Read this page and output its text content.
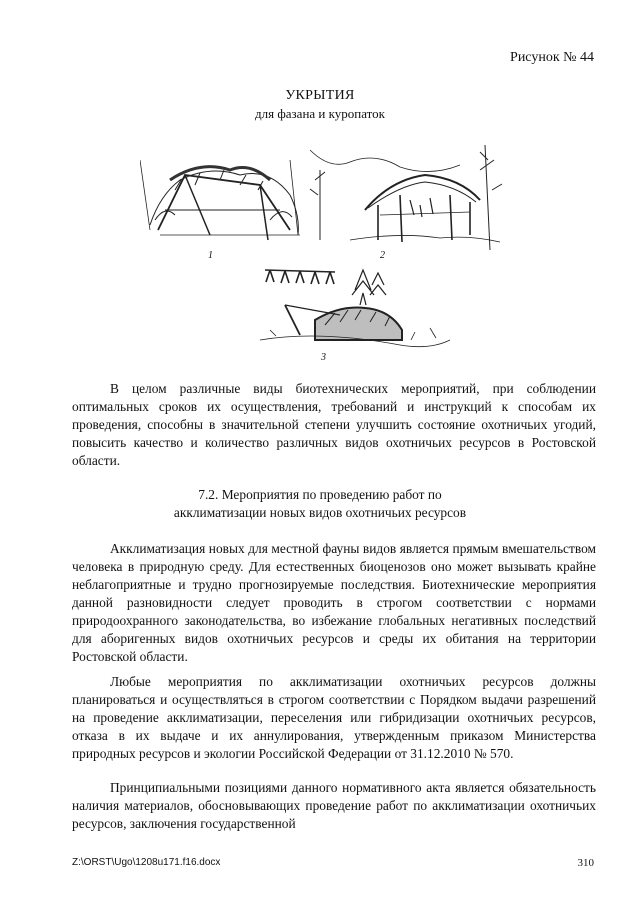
Рисунок № 44
УКРЫТИЯ
для фазана и куропаток
1	2
3
В целом различные виды биотехнических мероприятий, при соблюдении оптимальных сроков их осуществления, требований и инструкций к способам их проведения, способны в значительной степени улучшить состояние охотничьих угодий, повысить качество и количество различных видов охотничьих ресурсов в Ростовской области.
7.2. Мероприятия по проведению работ по
акклиматизации новых видов охотничьих ресурсов
Акклиматизация новых для местной фауны видов является прямым вмешательством человека в природную среду. Для естественных биоценозов оно может вызывать крайне неблагоприятные и трудно прогнозируемые последствия. Биотехнические мероприятия данной разновидности следует проводить в строгом соответствии с нормами природоохранного законодательства, во избежание глобальных негативных последствий для аборигенных видов охотничьих ресурсов и среды их обитания на территории Ростовской области.
Любые мероприятия по акклиматизации охотничьих ресурсов должны планироваться и осуществляться в строгом соответствии с Порядком выдачи разрешений на проведение акклиматизации, переселения или гибридизации охотничьих ресурсов, отказа в их выдаче и их аннулирования, утвержденным приказом Министерства природных ресурсов и экологии Российской Федерации от 31.12.2010 № 570.
Принципиальными позициями данного нормативного акта является обязательность наличия материалов, обосновывающих проведение работ по акклиматизации охотничьих ресурсов, заключения государственной
Z:\ORST\Ugo\1208u171.f16.docx	310
